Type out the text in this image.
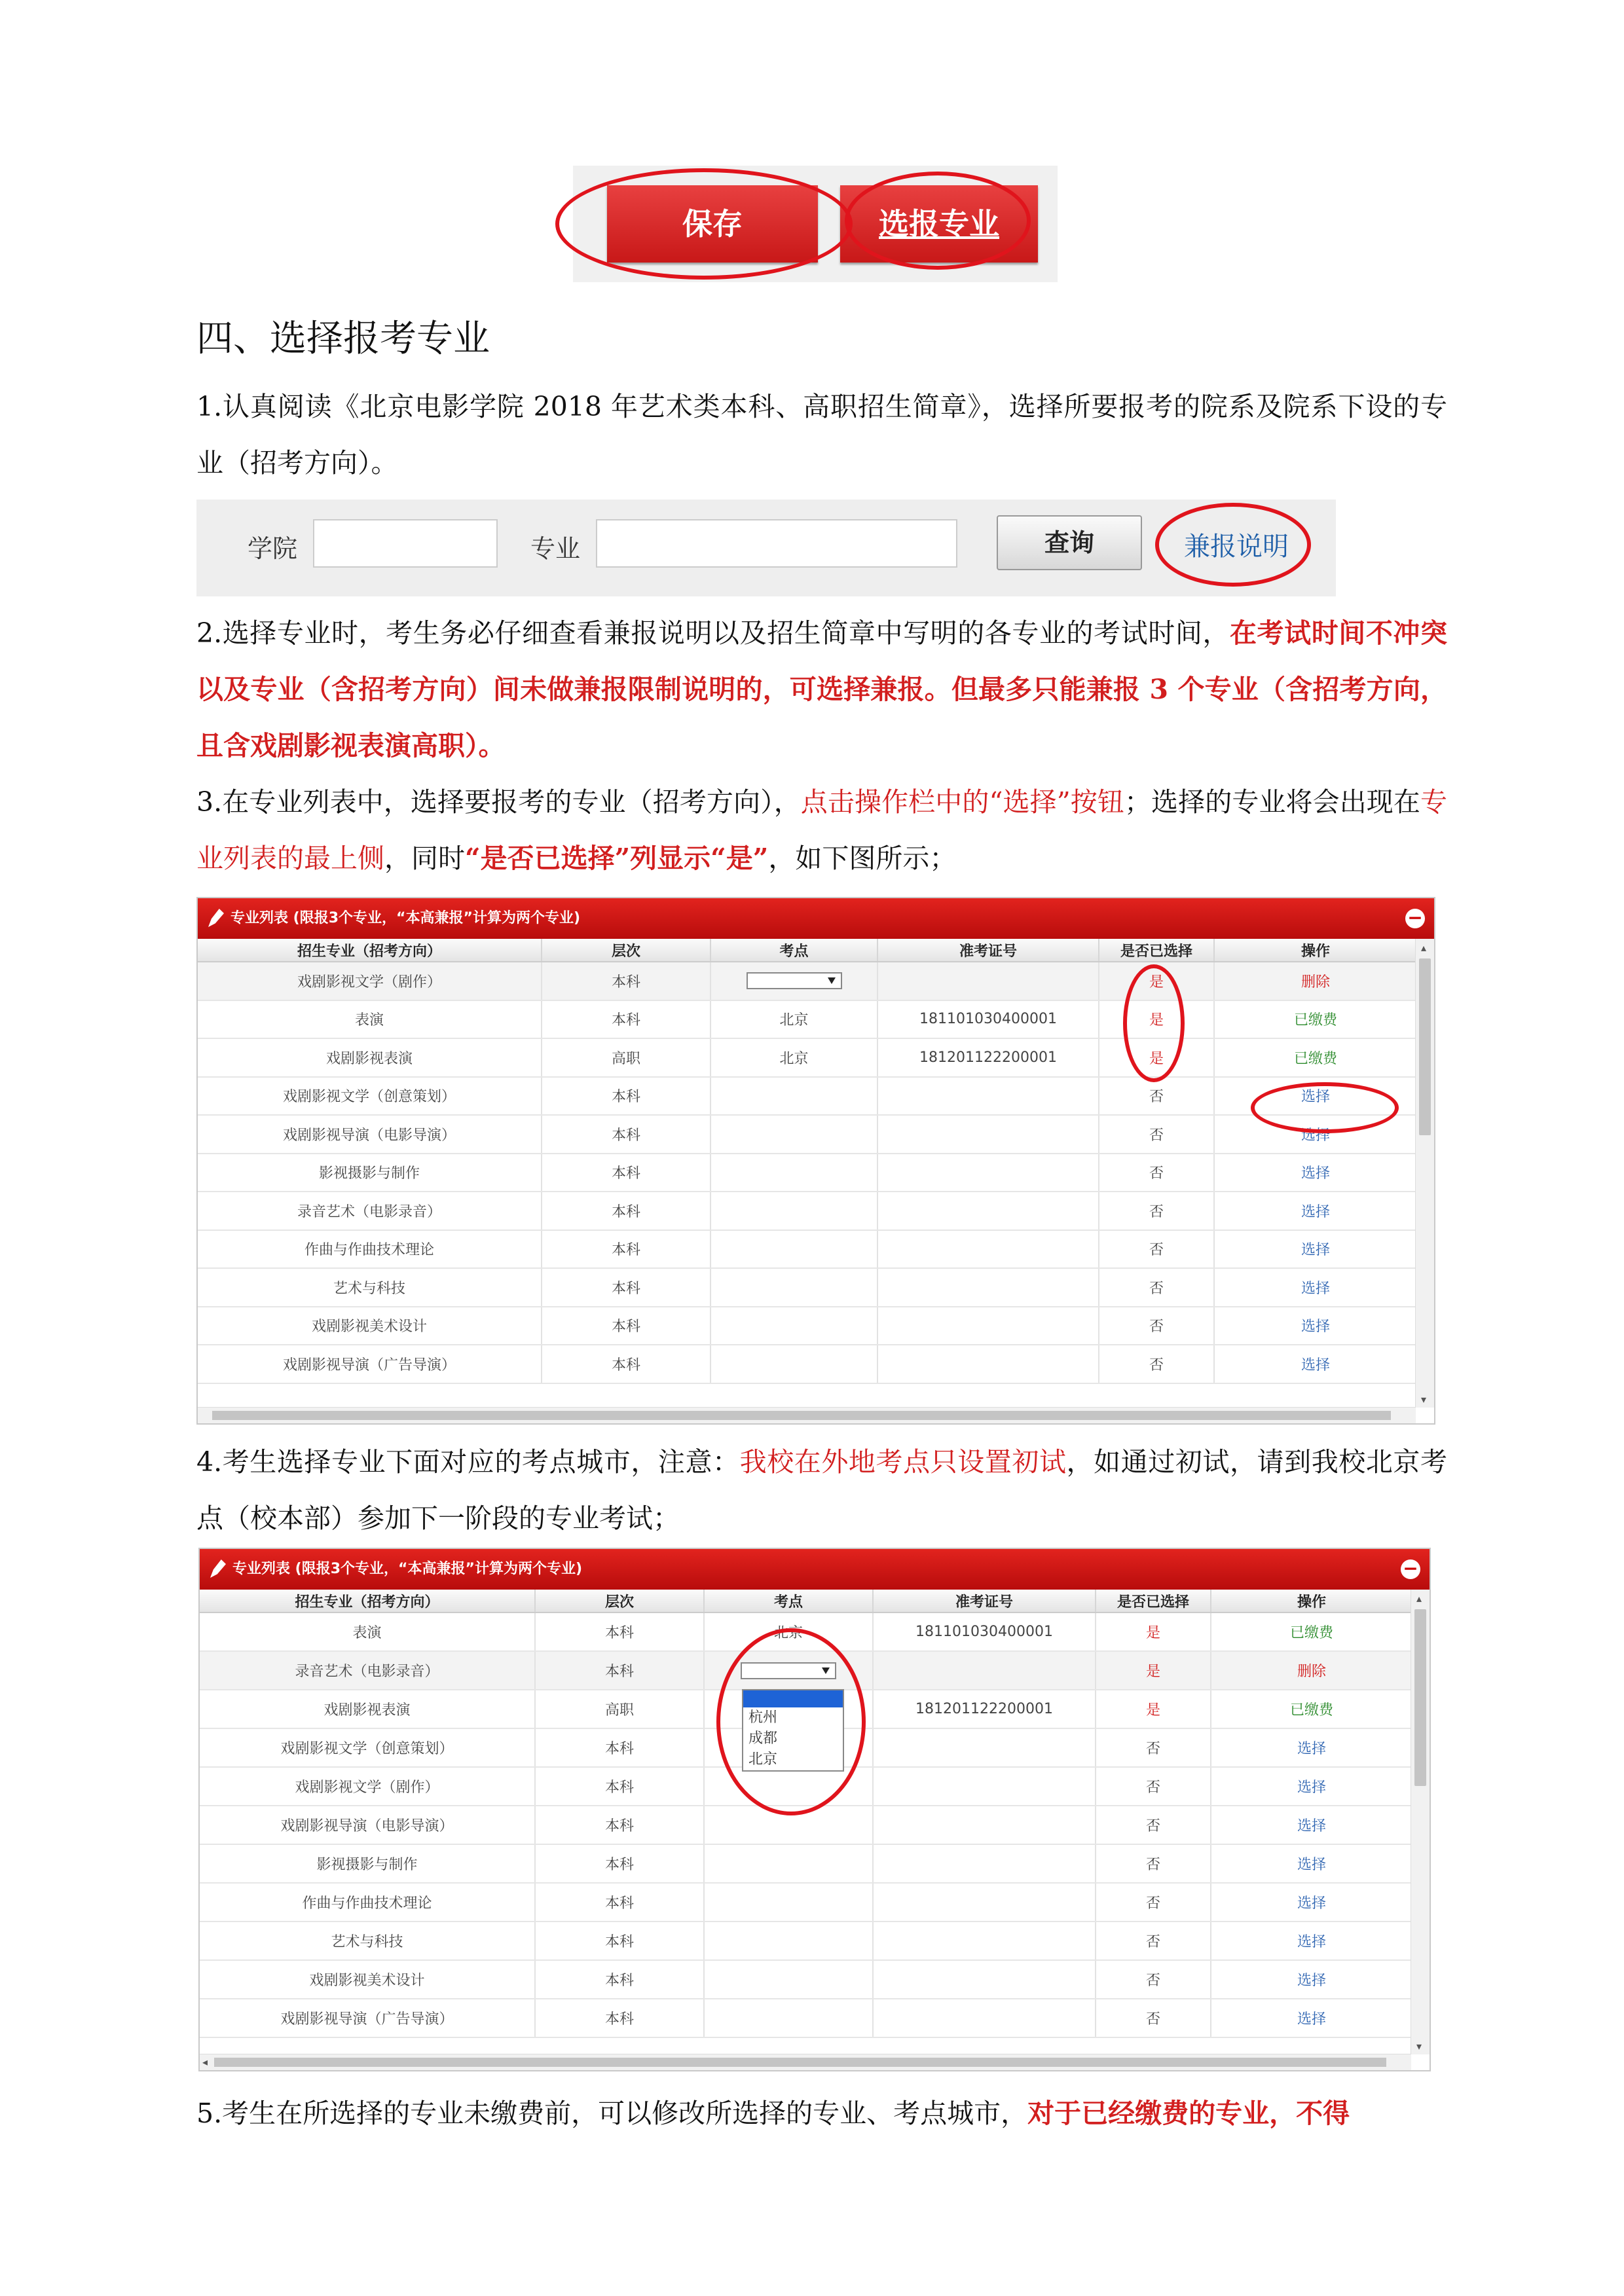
保存	选报专业
四、选择报考专业
1.认真阅读《北京电影学院 2018 年艺术类本科、高职招生简章》，选择所要报考的院系及院系下设的专业（招考方向）。
学院	专业	查询	兼报说明
2.选择专业时，考生务必仔细查看兼报说明以及招生简章中写明的各专业的考试时间，在考试时间不冲突以及专业（含招考方向）间未做兼报限制说明的，可选择兼报。但最多只能兼报 3 个专业（含招考方向，且含戏剧影视表演高职）。
3.在专业列表中，选择要报考的专业（招考方向），点击操作栏中的“选择”按钮；选择的专业将会出现在专业列表的最上侧，同时“是否已选择”列显示“是”，如下图所示；
专业列表 (限报3个专业，“本高兼报”计算为两个专业)	−
招生专业（招考方向）	层次	考点	准考证号	是否已选择	操作
戏剧影视文学（剧作）	本科			是	删除
表演	本科	北京	181101030400001	是	已缴费
戏剧影视表演	高职	北京	181201122200001	是	已缴费
戏剧影视文学（创意策划）	本科			否	选择
戏剧影视导演（电影导演）	本科			否	选择
影视摄影与制作	本科			否	选择
录音艺术（电影录音）	本科			否	选择
作曲与作曲技术理论	本科			否	选择
艺术与科技	本科			否	选择
戏剧影视美术设计	本科			否	选择
戏剧影视导演（广告导演）	本科			否	选择
▴
▾
4.考生选择专业下面对应的考点城市，注意：我校在外地考点只设置初试，如通过初试，请到我校北京考点（校本部）参加下一阶段的专业考试；
专业列表 (限报3个专业，“本高兼报”计算为两个专业)	−
招生专业（招考方向）	层次	考点	准考证号	是否已选择	操作
表演	本科	北京	181101030400001	是	已缴费
录音艺术（电影录音）	本科			是	删除
戏剧影视表演	高职		181201122200001	是	已缴费
戏剧影视文学（创意策划）	本科			否	选择
戏剧影视文学（剧作）	本科			否	选择
戏剧影视导演（电影导演）	本科			否	选择
影视摄影与制作	本科			否	选择
作曲与作曲技术理论	本科			否	选择
艺术与科技	本科			否	选择
戏剧影视美术设计	本科			否	选择
戏剧影视导演（广告导演）	本科			否	选择
杭州
成都
北京
▴
▾
◂
5.考生在所选择的专业未缴费前，可以修改所选择的专业、考点城市，对于已经缴费的专业，不得
